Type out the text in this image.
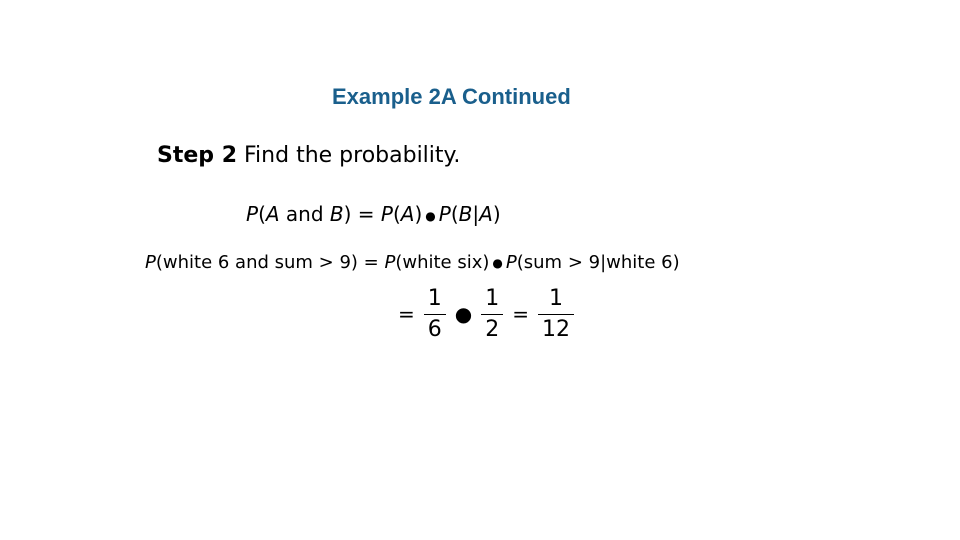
Example 2A Continued
Step 2 Find the probability.
P(A and B) = P(A) ● P(B|A)
P(white 6 and sum > 9) = P(white six) ● P(sum > 9|white 6)
= $\frac{1}{6}$ ● $\frac{1}{2} = \frac{1}{12}$
